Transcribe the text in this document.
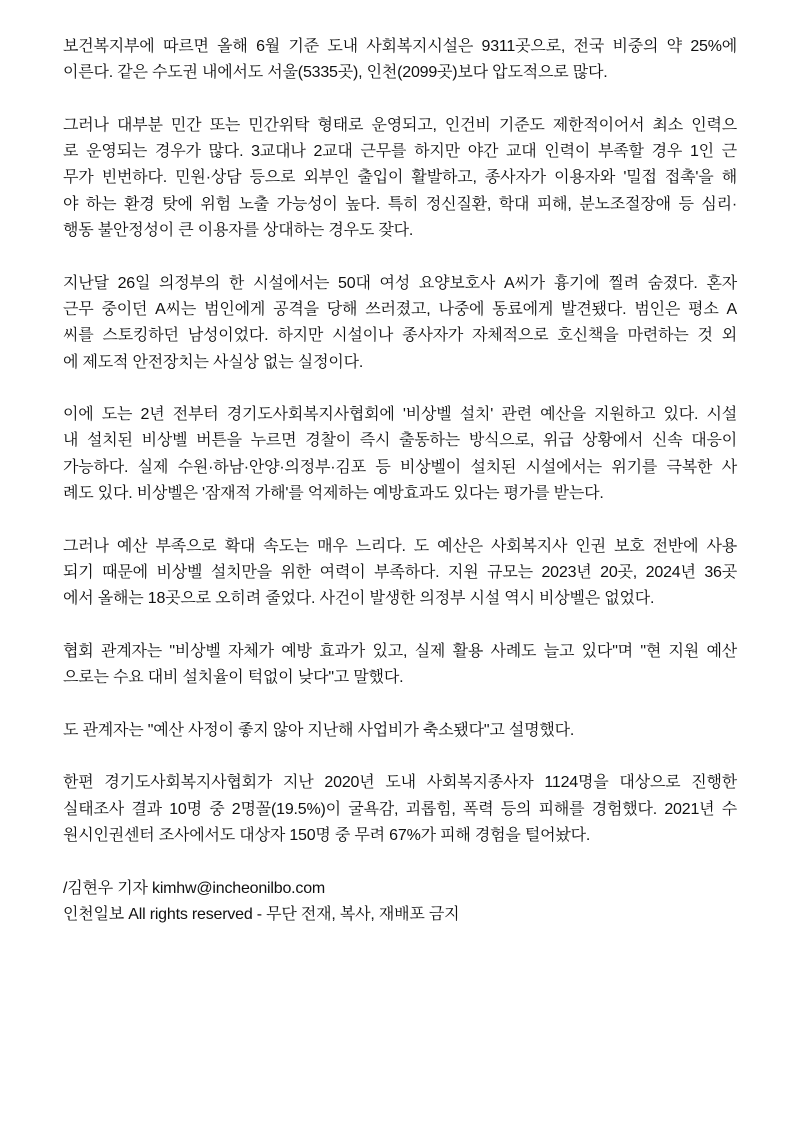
보건복지부에 따르면 올해 6월 기준 도내 사회복지시설은 9311곳으로, 전국 비중의 약 25%에
이른다. 같은 수도권 내에서도 서울(5335곳), 인천(2099곳)보다 압도적으로 많다.
그러나 대부분 민간 또는 민간위탁 형태로 운영되고, 인건비 기준도 제한적이어서 최소 인력으
로 운영되는 경우가 많다. 3교대나 2교대 근무를 하지만 야간 교대 인력이 부족할 경우 1인 근
무가 빈번하다. 민원·상담 등으로 외부인 출입이 활발하고, 종사자가 이용자와 '밀접 접촉'을 해
야 하는 환경 탓에 위험 노출 가능성이 높다. 특히 정신질환, 학대 피해, 분노조절장애 등 심리·
행동 불안정성이 큰 이용자를 상대하는 경우도 잦다.
지난달 26일 의정부의 한 시설에서는 50대 여성 요양보호사 A씨가 흉기에 찔려 숨졌다. 혼자
근무 중이던 A씨는 범인에게 공격을 당해 쓰러졌고, 나중에 동료에게 발견됐다. 범인은 평소 A
씨를 스토킹하던 남성이었다. 하지만 시설이나 종사자가 자체적으로 호신책을 마련하는 것 외
에 제도적 안전장치는 사실상 없는 실정이다.
이에 도는 2년 전부터 경기도사회복지사협회에 '비상벨 설치' 관련 예산을 지원하고 있다. 시설
내 설치된 비상벨 버튼을 누르면 경찰이 즉시 출동하는 방식으로, 위급 상황에서 신속 대응이
가능하다. 실제 수원·하남·안양·의정부·김포 등 비상벨이 설치된 시설에서는 위기를 극복한 사
례도 있다. 비상벨은 '잠재적 가해'를 억제하는 예방효과도 있다는 평가를 받는다.
그러나 예산 부족으로 확대 속도는 매우 느리다. 도 예산은 사회복지사 인권 보호 전반에 사용
되기 때문에 비상벨 설치만을 위한 여력이 부족하다. 지원 규모는 2023년 20곳, 2024년 36곳
에서 올해는 18곳으로 오히려 줄었다. 사건이 발생한 의정부 시설 역시 비상벨은 없었다.
협회 관계자는 "비상벨 자체가 예방 효과가 있고, 실제 활용 사례도 늘고 있다"며 "현 지원 예산
으로는 수요 대비 설치율이 턱없이 낮다"고 말했다.
도 관계자는 "예산 사정이 좋지 않아 지난해 사업비가 축소됐다"고 설명했다.
한편 경기도사회복지사협회가 지난 2020년 도내 사회복지종사자 1124명을 대상으로 진행한
실태조사 결과 10명 중 2명꼴(19.5%)이 굴욕감, 괴롭힘, 폭력 등의 피해를 경험했다. 2021년 수
원시인권센터 조사에서도 대상자 150명 중 무려 67%가 피해 경험을 털어놨다.
/김현우 기자 kimhw@incheonilbo.com
인천일보 All rights reserved - 무단 전재, 복사, 재배포 금지
